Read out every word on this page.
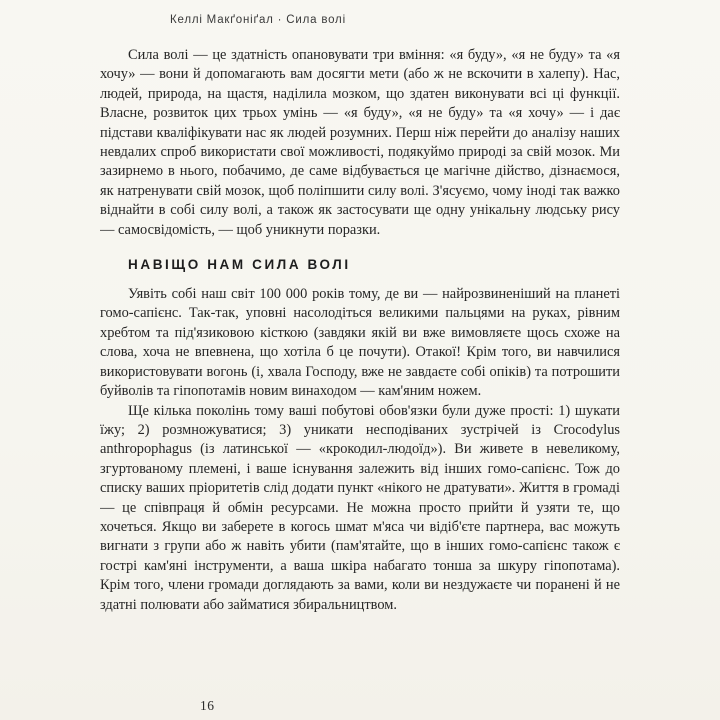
Келлі Макґоніґал · Сила волі

Сила волі — це здатність опановувати три вміння: «я буду», «я не буду» та «я хочу» — вони й допомагають вам досягти мети (або ж не вскочити в халепу). Нас, людей, природа, на щастя, наділила мозком, що здатен виконувати всі ці функції. Власне, розвиток цих трьох умінь — «я буду», «я не буду» та «я хочу» — і дає підстави кваліфікувати нас як людей розумних. Перш ніж перейти до аналізу наших невдалих спроб використати свої можливості, подякуймо природі за свій мозок. Ми зазирнемо в нього, побачимо, де саме відбувається це магічне дійство, дізнаємося, як натренувати свій мозок, щоб поліпшити силу волі. З'ясуємо, чому іноді так важко віднайти в собі силу волі, а також як застосувати ще одну унікальну людську рису — самосвідомість, — щоб уникнути поразки.

НАВІЩО НАМ СИЛА ВОЛІ

Уявіть собі наш світ 100 000 років тому, де ви — найрозвиненіший на планеті гомо-сапієнс. Так-так, уповні насолодіться великими пальцями на руках, рівним хребтом та під'язиковою кісткою (завдяки якій ви вже вимовляєте щось схоже на слова, хоча не впевнена, що хотіла б це почути). Отакої! Крім того, ви навчилися використовувати вогонь (і, хвала Господу, вже не завдаєте собі опіків) та потрошити буйволів та гіпопотамів новим винаходом — кам'яним ножем.

Ще кілька поколінь тому ваші побутові обов'язки були дуже прості: 1) шукати їжу; 2) розмножуватися; 3) уникати несподіваних зустрічей із Crocodylus anthropophagus (із латинської — «крокодил-людоїд»). Ви живете в невеликому, згуртованому племені, і ваше існування залежить від інших гомо-сапієнс. Тож до списку ваших пріоритетів слід додати пункт «нікого не дратувати». Життя в громаді — це співпраця й обмін ресурсами. Не можна просто прийти й узяти те, що хочеться. Якщо ви заберете в когось шмат м'яса чи відіб'єте партнера, вас можуть вигнати з групи або ж навіть убити (пам'ятайте, що в інших гомо-сапієнс також є гострі кам'яні інструменти, а ваша шкіра набагато тонша за шкуру гіпопотама). Крім того, члени громади доглядають за вами, коли ви нездужаєте чи поранені й не здатні полювати або займатися збиральництвом.

16
